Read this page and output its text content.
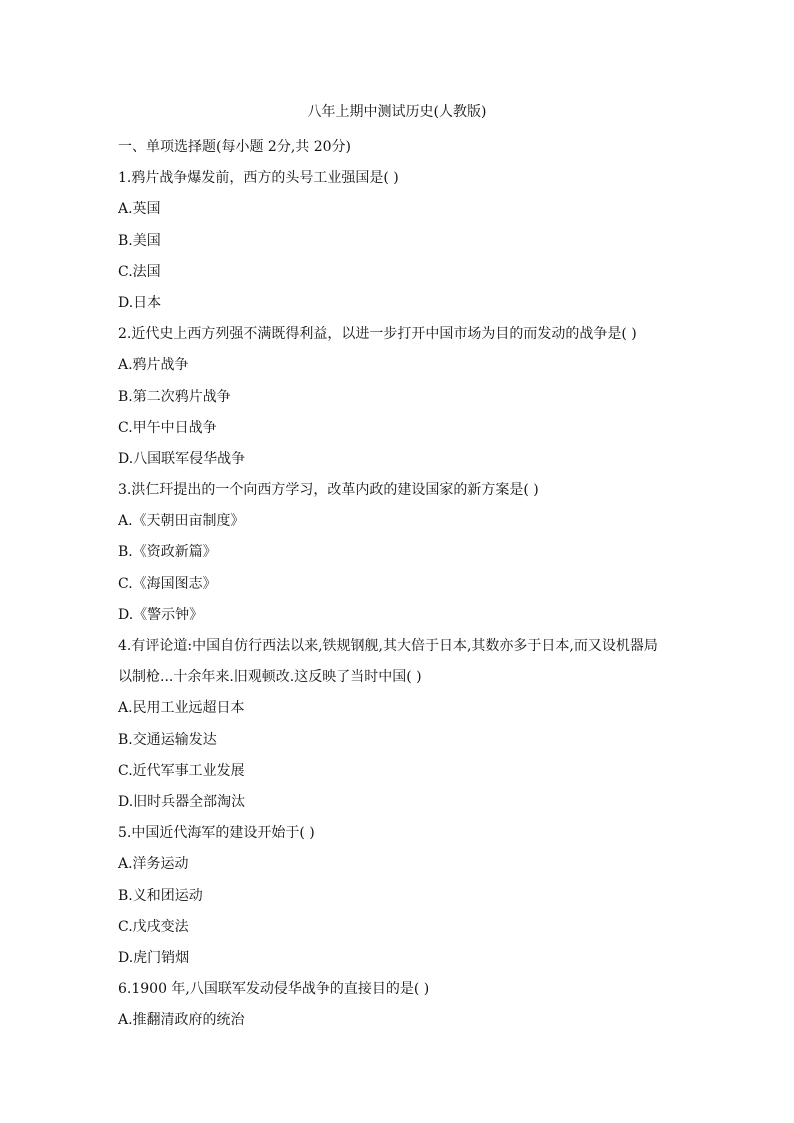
八年上期中测试历史(人教版)
一、单项选择题(每小题 2分,共 20分)
1.鸦片战争爆发前，西方的头号工业强国是( )
A.英国
B.美国
C.法国
D.日本
2.近代史上西方列强不满既得利益，以进一步打开中国市场为目的而发动的战争是( )
A.鸦片战争
B.第二次鸦片战争
C.甲午中日战争
D.八国联军侵华战争
3.洪仁玕提出的一个向西方学习，改革内政的建设国家的新方案是( )
A.《天朝田亩制度》
B.《资政新篇》
C.《海国图志》
D.《警示钟》
4.有评论道:中国自仿行西法以来,铁规钢舰,其大倍于日本,其数亦多于日本,而又设机器局
以制枪...十余年来.旧观顿改.这反映了当时中国( )
A.民用工业远超日本
B.交通运输发达
C.近代军事工业发展
D.旧时兵器全部淘汰
5.中国近代海军的建设开始于( )
A.洋务运动
B.义和团运动
C.戊戌变法
D.虎门销烟
6.1900 年,八国联军发动侵华战争的直接目的是( )
A.推翻清政府的统治
